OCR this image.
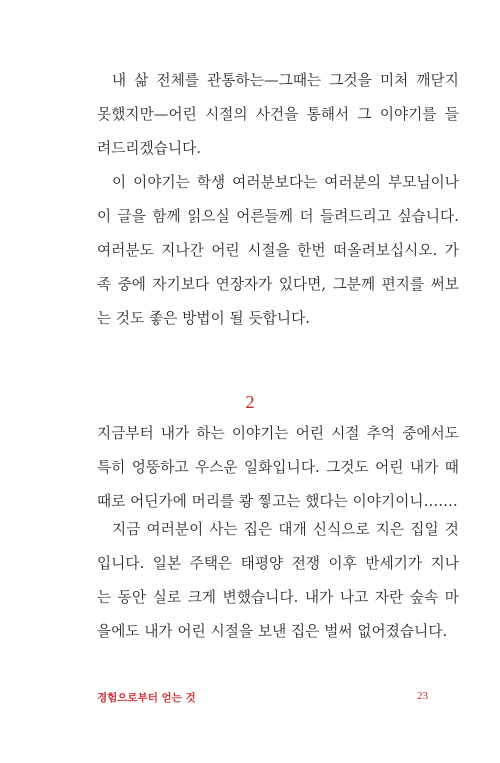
내 삶 전체를 관통하는—그때는 그것을 미처 깨닫지
못했지만—어린 시절의 사건을 통해서 그 이야기를 들
려드리겠습니다.
이 이야기는 학생 여러분보다는 여러분의 부모님이나
이 글을 함께 읽으실 어른들께 더 들려드리고 싶습니다.
여러분도 지나간 어린 시절을 한번 떠올려보십시오. 가
족 중에 자기보다 연장자가 있다면, 그분께 편지를 써보
는 것도 좋은 방법이 될 듯합니다.
2
지금부터 내가 하는 이야기는 어린 시절 추억 중에서도
특히 엉뚱하고 우스운 일화입니다. 그것도 어린 내가 때
때로 어딘가에 머리를 쾅 찧고는 했다는 이야기이니…….
지금 여러분이 사는 집은 대개 신식으로 지은 집일 것
입니다. 일본 주택은 태평양 전쟁 이후 반세기가 지나
는 동안 실로 크게 변했습니다. 내가 나고 자란 숲속 마
을에도 내가 어린 시절을 보낸 집은 벌써 없어졌습니다.
경험으로부터 얻는 것	23
